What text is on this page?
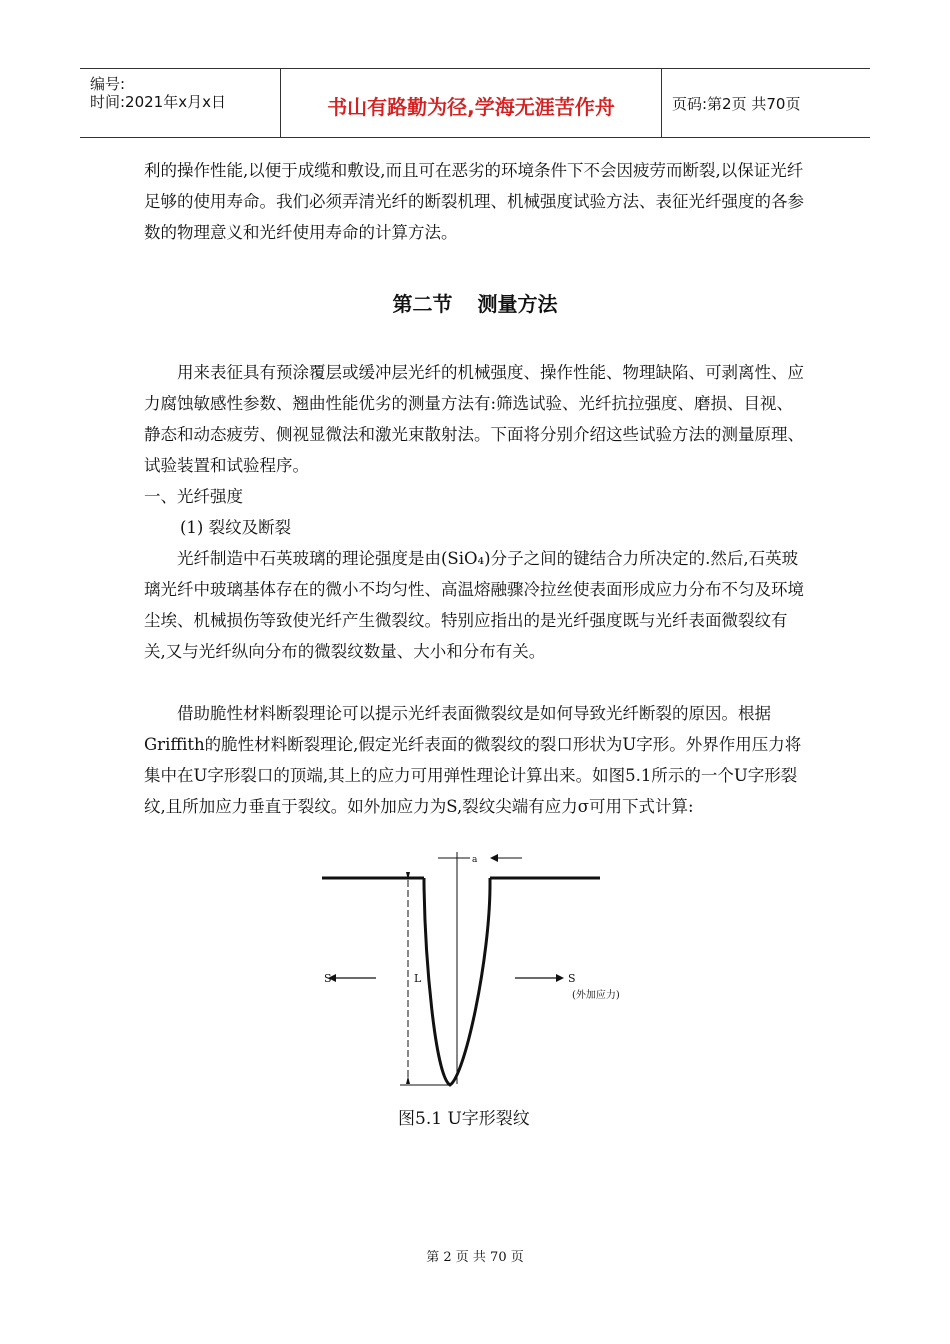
编号:
时间:2021年x月x日	书山有路勤为径,学海无涯苦作舟	页码:第2页 共70页

利的操作性能,以便于成缆和敷设,而且可在恶劣的环境条件下不会因疲劳而断裂,以保证光纤足够的使用寿命。我们必须弄清光纤的断裂机理、机械强度试验方法、表征光纤强度的各参数的物理意义和光纤使用寿命的计算方法。

第二节 测量方法

用来表征具有预涂覆层或缓冲层光纤的机械强度、操作性能、物理缺陷、可剥离性、应力腐蚀敏感性参数、翘曲性能优劣的测量方法有:筛选试验、光纤抗拉强度、磨损、目视、静态和动态疲劳、侧视显微法和激光束散射法。下面将分别介绍这些试验方法的测量原理、试验装置和试验程序。

一、光纤强度
(1) 裂纹及断裂

光纤制造中石英玻璃的理论强度是由(SiO₄)分子之间的键结合力所决定的.然后,石英玻璃光纤中玻璃基体存在的微小不均匀性、高温熔融骤冷拉丝使表面形成应力分布不匀及环境尘埃、机械损伤等致使光纤产生微裂纹。特别应指出的是光纤强度既与光纤表面微裂纹有关,又与光纤纵向分布的微裂纹数量、大小和分布有关。

借助脆性材料断裂理论可以提示光纤表面微裂纹是如何导致光纤断裂的原因。根据Griffith的脆性材料断裂理论,假定光纤表面的微裂纹的裂口形状为U字形。外界作用压力将集中在U字形裂口的顶端,其上的应力可用弹性理论计算出来。如图5.1所示的一个U字形裂纹,且所加应力垂直于裂纹。如外加应力为S,裂纹尖端有应力σ可用下式计算:

a
S	L	S
(外加应力)
图5.1 U字形裂纹
第 2 页 共 70 页
